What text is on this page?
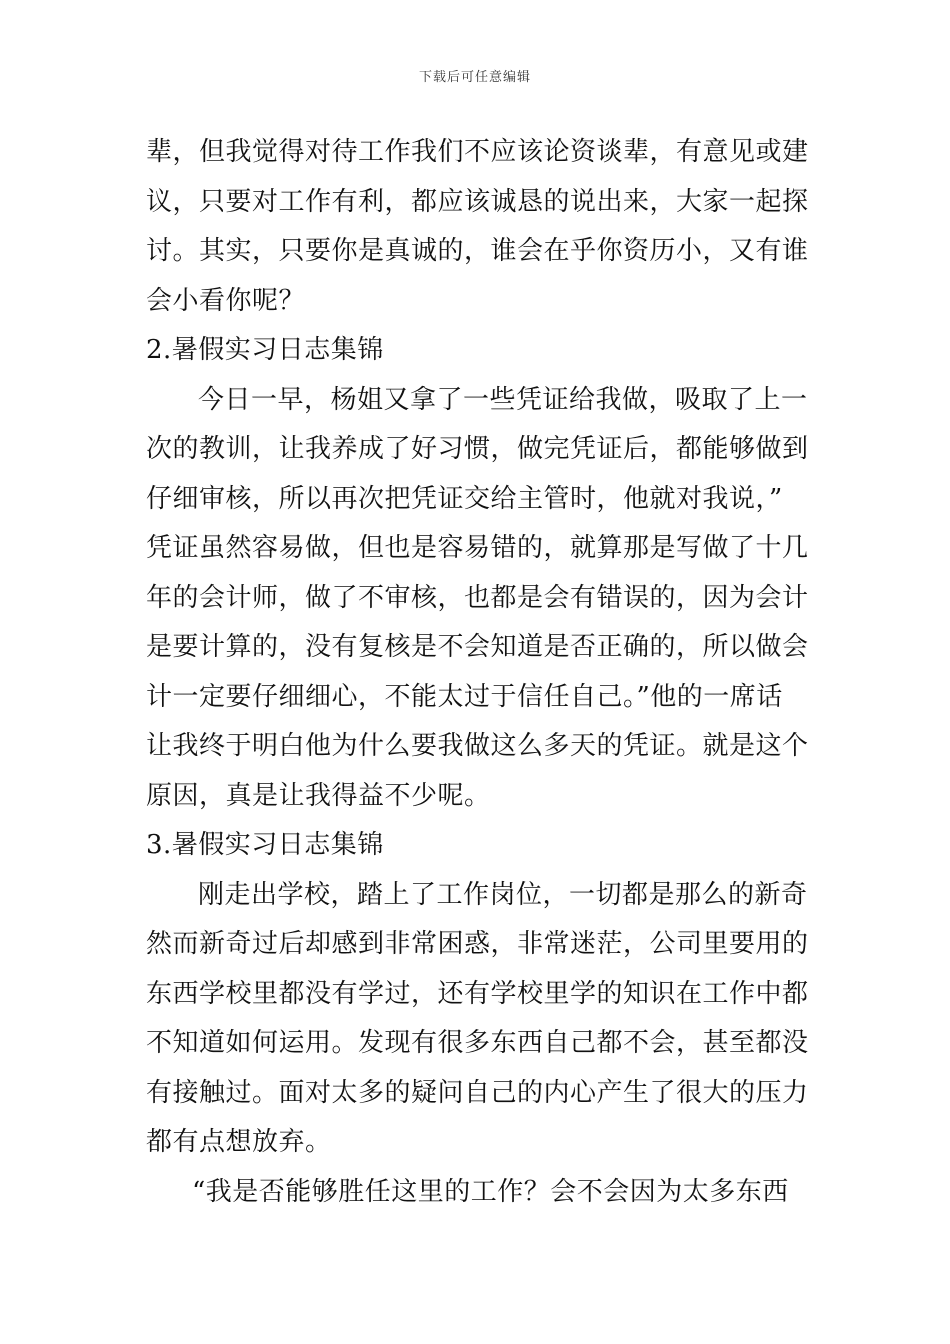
下载后可任意编辑
辈，但我觉得对待工作我们不应该论资谈辈，有意见或建
议，只要对工作有利，都应该诚恳的说出来，大家一起探
讨。其实，只要你是真诚的，谁会在乎你资历小，又有谁
会小看你呢？
2.暑假实习日志集锦
今日一早，杨姐又拿了一些凭证给我做，吸取了上一
次的教训，让我养成了好习惯，做完凭证后，都能够做到
仔细审核，所以再次把凭证交给主管时，他就对我说，”
凭证虽然容易做，但也是容易错的，就算那是写做了十几
年的会计师，做了不审核，也都是会有错误的，因为会计
是要计算的，没有复核是不会知道是否正确的，所以做会
计一定要仔细细心，不能太过于信任自己。”他的一席话
让我终于明白他为什么要我做这么多天的凭证。就是这个
原因，真是让我得益不少呢。
3.暑假实习日志集锦
刚走出学校，踏上了工作岗位，一切都是那么的新奇
然而新奇过后却感到非常困惑，非常迷茫，公司里要用的
东西学校里都没有学过，还有学校里学的知识在工作中都
不知道如何运用。发现有很多东西自己都不会，甚至都没
有接触过。面对太多的疑问自己的内心产生了很大的压力
都有点想放弃。
“我是否能够胜任这里的工作？会不会因为太多东西
